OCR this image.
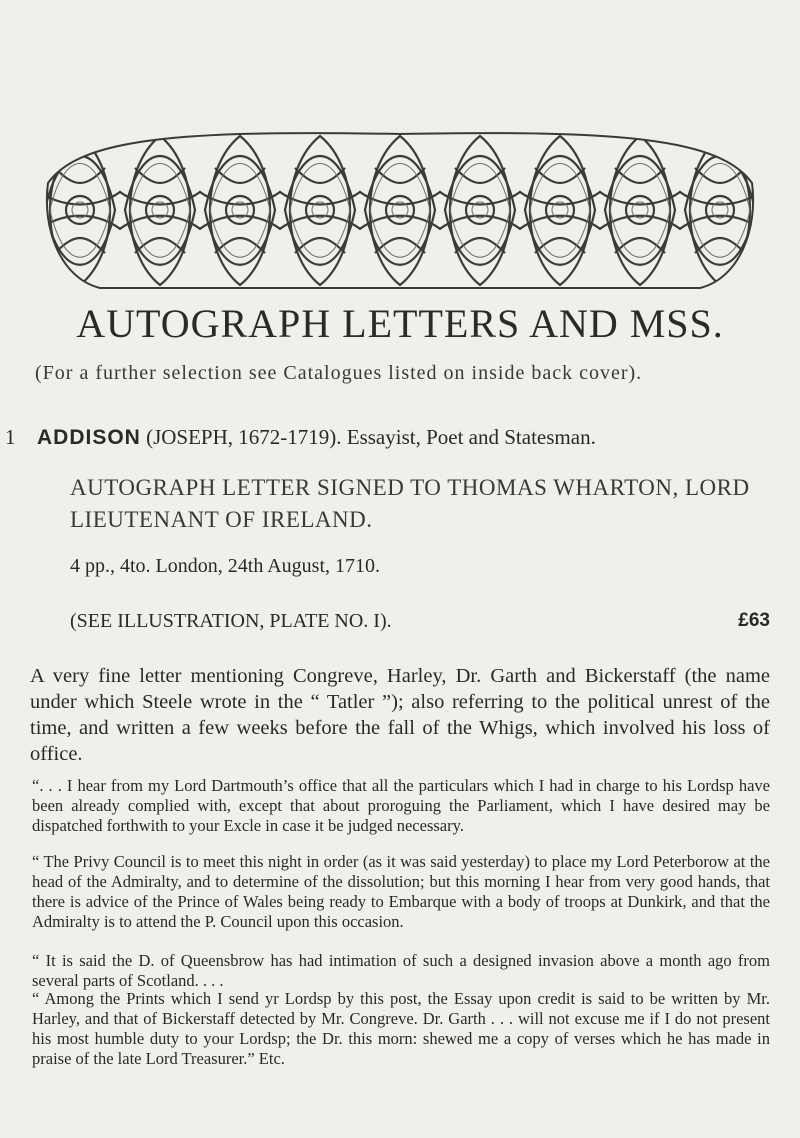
AUTOGRAPH LETTERS AND MSS.
(For a further selection see Catalogues listed on inside back cover).
1 ADDISON (JOSEPH, 1672-1719). Essayist, Poet and Statesman.
AUTOGRAPH LETTER SIGNED TO THOMAS WHARTON, LORD LIEUTENANT OF IRELAND.
4 pp., 4to. London, 24th August, 1710.
(SEE ILLUSTRATION, PLATE NO. I).	£63

A very fine letter mentioning Congreve, Harley, Dr. Garth and Bickerstaff (the name under which Steele wrote in the “ Tatler ”); also referring to the political unrest of the time, and written a few weeks before the fall of the Whigs, which involved his loss of office.

“. . . I hear from my Lord Dartmouth’s office that all the particulars which I had in charge to his Lordsp have been already complied with, except that about proroguing the Parliament, which I have desired may be dispatched forthwith to your Excle in case it be judged necessary.

“ The Privy Council is to meet this night in order (as it was said yesterday) to place my Lord Peterborow at the head of the Admiralty, and to determine of the dissolution; but this morning I hear from very good hands, that there is advice of the Prince of Wales being ready to Embarque with a body of troops at Dunkirk, and that the Admiralty is to attend the P. Council upon this occasion.

“ It is said the D. of Queensbrow has had intimation of such a designed invasion above a month ago from several parts of Scotland. . . .

“ Among the Prints which I send yr Lordsp by this post, the Essay upon credit is said to be written by Mr. Harley, and that of Bickerstaff detected by Mr. Congreve. Dr. Garth . . . will not excuse me if I do not present his most humble duty to your Lordsp; the Dr. this morn: shewed me a copy of verses which he has made in praise of the late Lord Treasurer.” Etc.
